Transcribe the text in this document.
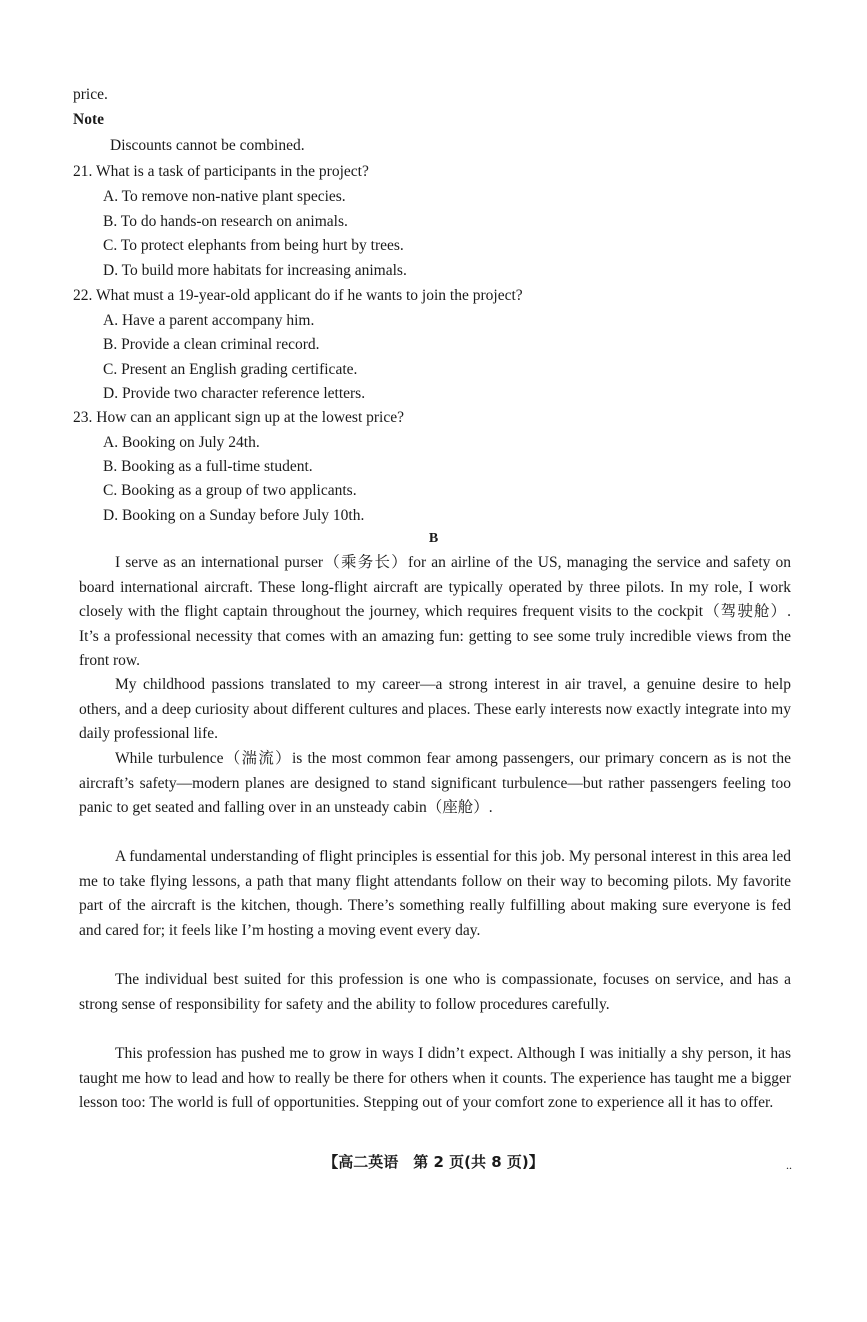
price.
Note
Discounts cannot be combined.
21. What is a task of participants in the project?
A. To remove non-native plant species.
B. To do hands-on research on animals.
C. To protect elephants from being hurt by trees.
D. To build more habitats for increasing animals.
22. What must a 19-year-old applicant do if he wants to join the project?
A. Have a parent accompany him.
B. Provide a clean criminal record.
C. Present an English grading certificate.
D. Provide two character reference letters.
23. How can an applicant sign up at the lowest price?
A. Booking on July 24th.
B. Booking as a full-time student.
C. Booking as a group of two applicants.
D. Booking on a Sunday before July 10th.
B
I serve as an international purser（乘务长）for an airline of the US, managing the service and safety on board international aircraft. These long-flight aircraft are typically operated by three pilots. In my role, I work closely with the flight captain throughout the journey, which requires frequent visits to the cockpit（驾驶舱）. It’s a professional necessity that comes with an amazing fun: getting to see some truly incredible views from the front row.
My childhood passions translated to my career—a strong interest in air travel, a genuine desire to help others, and a deep curiosity about different cultures and places. These early interests now exactly integrate into my daily professional life.
While turbulence（湍流）is the most common fear among passengers, our primary concern as is not the aircraft’s safety—modern planes are designed to stand significant turbulence—but rather passengers feeling too panic to get seated and falling over in an unsteady cabin（座舱）.
A fundamental understanding of flight principles is essential for this job. My personal interest in this area led me to take flying lessons, a path that many flight attendants follow on their way to becoming pilots. My favorite part of the aircraft is the kitchen, though. There’s something really fulfilling about making sure everyone is fed and cared for; it feels like I’m hosting a moving event every day.
The individual best suited for this profession is one who is compassionate, focuses on service, and has a strong sense of responsibility for safety and the ability to follow procedures carefully.
This profession has pushed me to grow in ways I didn’t expect. Although I was initially a shy person, it has taught me how to lead and how to really be there for others when it counts. The experience has taught me a bigger lesson too: The world is full of opportunities. Stepping out of your comfort zone to experience all it has to offer.
【高二英语　第 2 页(共 8 页)】	..
